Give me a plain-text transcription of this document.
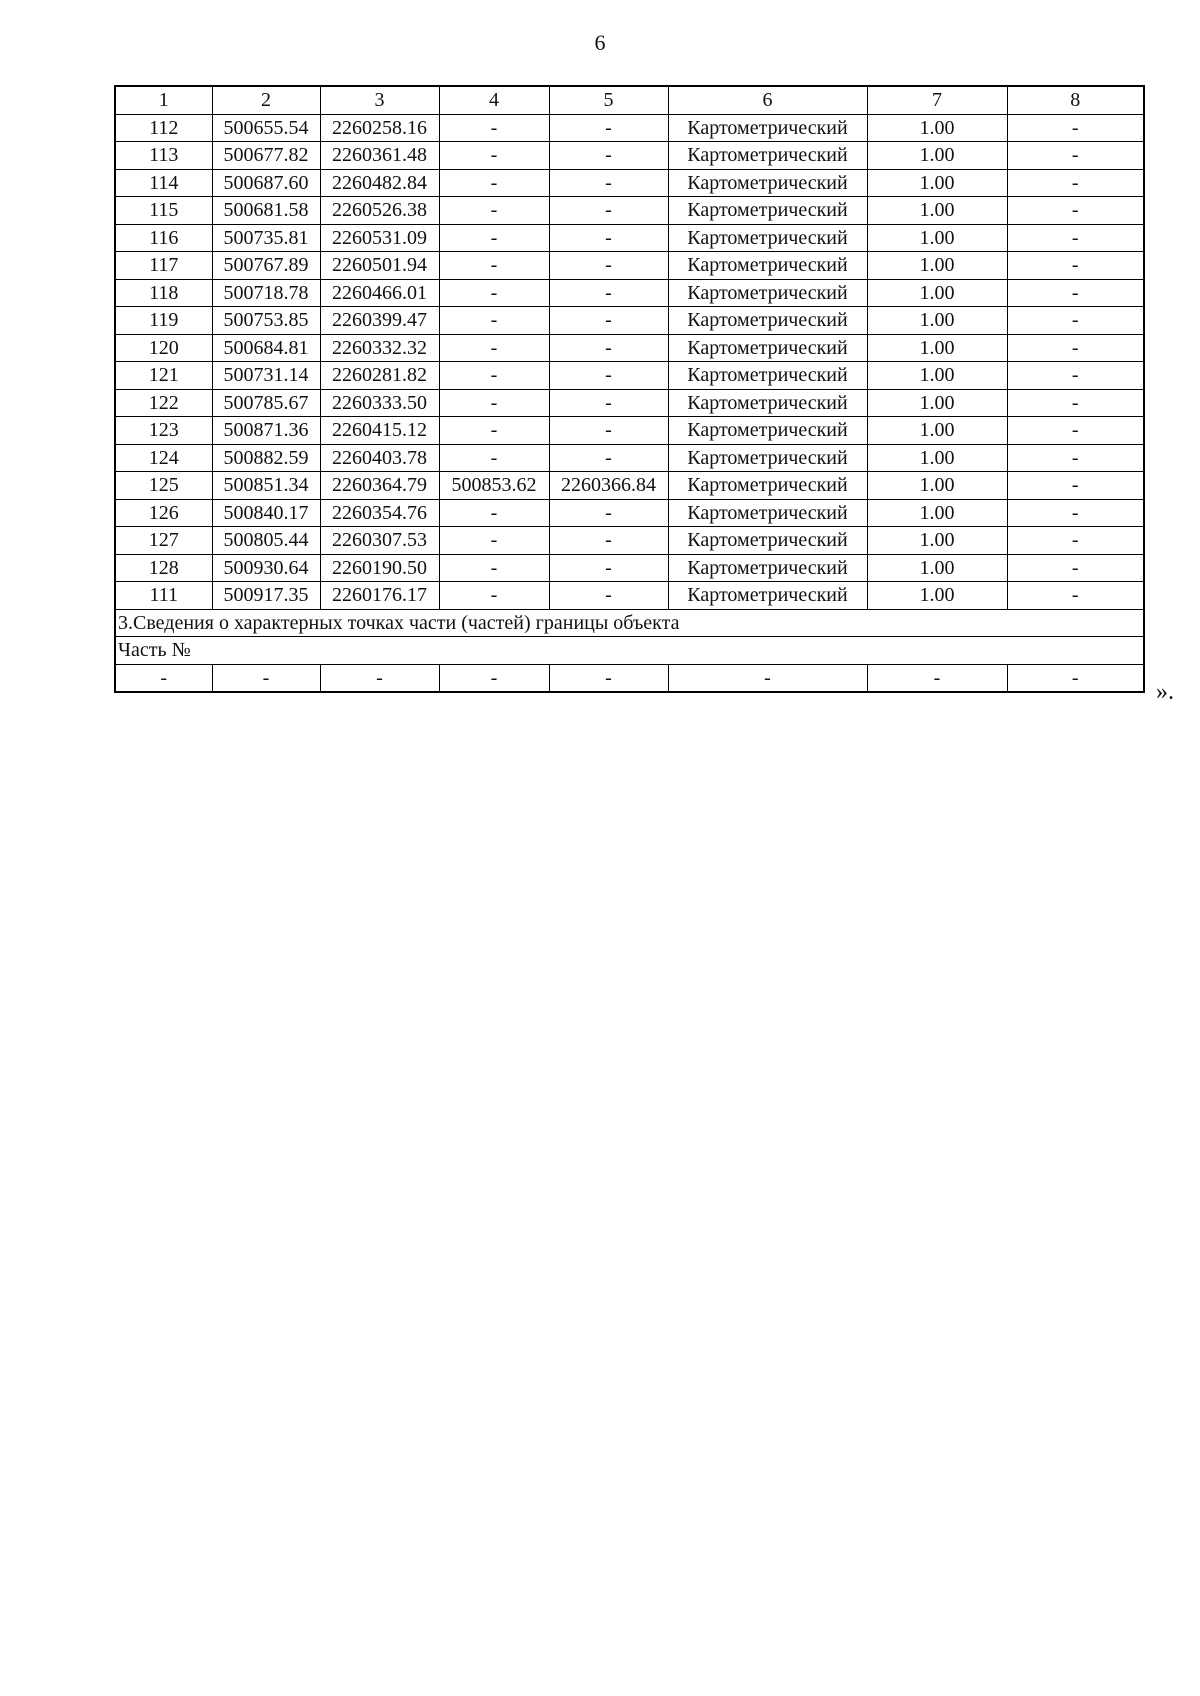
6
1	2	3	4	5	6	7	8
112	500655.54	2260258.16	-	-	Картометрический	1.00	-
113	500677.82	2260361.48	-	-	Картометрический	1.00	-
114	500687.60	2260482.84	-	-	Картометрический	1.00	-
115	500681.58	2260526.38	-	-	Картометрический	1.00	-
116	500735.81	2260531.09	-	-	Картометрический	1.00	-
117	500767.89	2260501.94	-	-	Картометрический	1.00	-
118	500718.78	2260466.01	-	-	Картометрический	1.00	-
119	500753.85	2260399.47	-	-	Картометрический	1.00	-
120	500684.81	2260332.32	-	-	Картометрический	1.00	-
121	500731.14	2260281.82	-	-	Картометрический	1.00	-
122	500785.67	2260333.50	-	-	Картометрический	1.00	-
123	500871.36	2260415.12	-	-	Картометрический	1.00	-
124	500882.59	2260403.78	-	-	Картометрический	1.00	-
125	500851.34	2260364.79	500853.62	2260366.84	Картометрический	1.00	-
126	500840.17	2260354.76	-	-	Картометрический	1.00	-
127	500805.44	2260307.53	-	-	Картометрический	1.00	-
128	500930.64	2260190.50	-	-	Картометрический	1.00	-
111	500917.35	2260176.17	-	-	Картометрический	1.00	-
3.Сведения о характерных точках части (частей) границы объекта							
Часть №							
-	-	-	-	-	-	-	-
».
